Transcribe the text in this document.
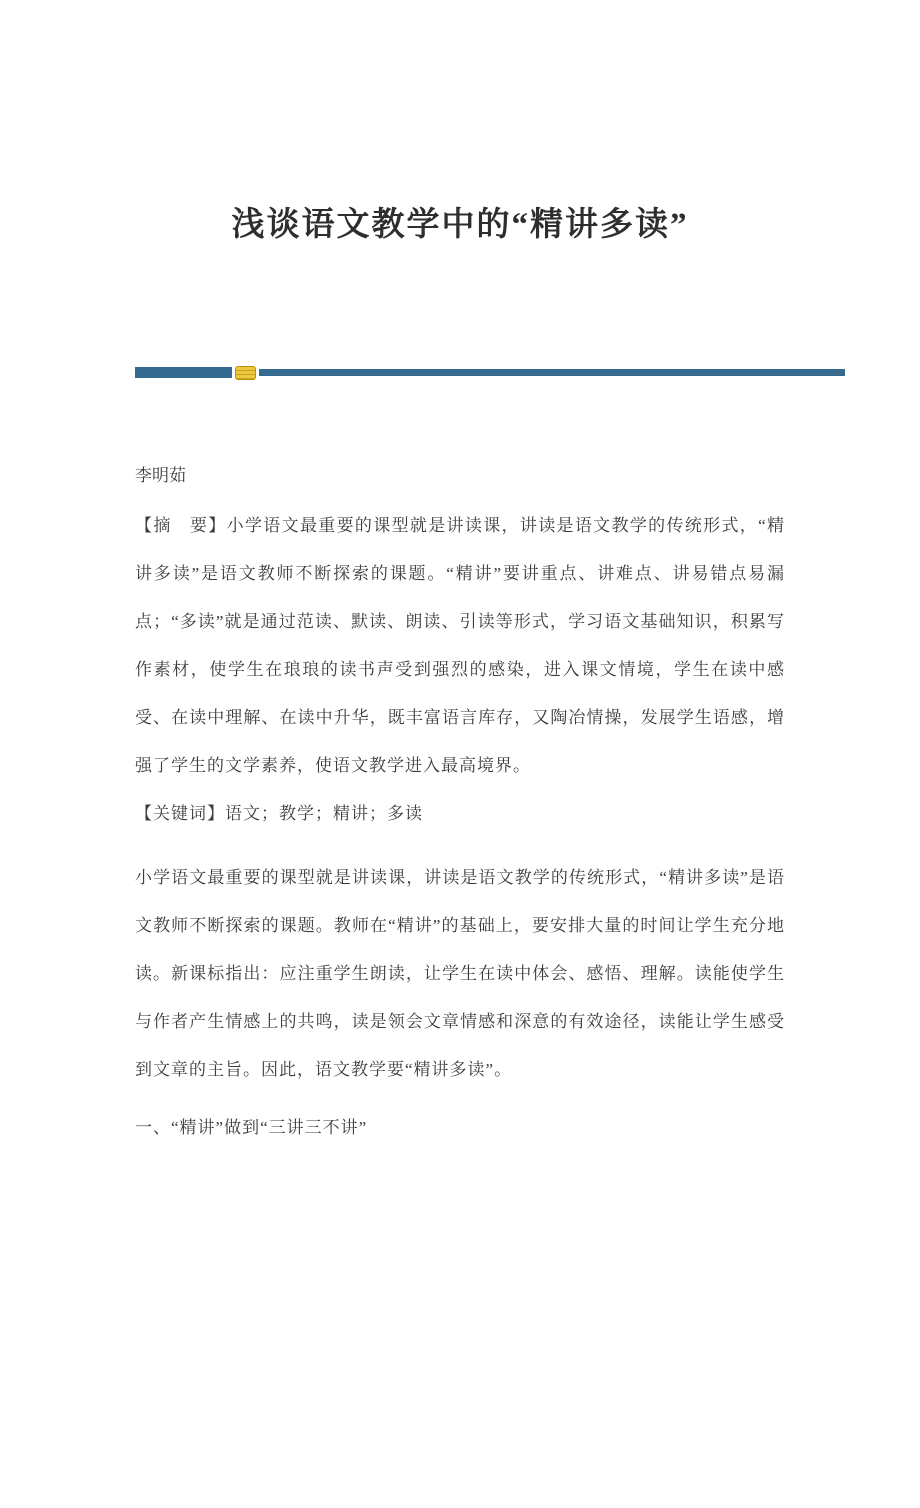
浅谈语文教学中的“精讲多读”
李明茹

【摘　要】小学语文最重要的课型就是讲读课，讲读是语文教学的传统形式，“精讲多读”是语文教师不断探索的课题。“精讲”要讲重点、讲难点、讲易错点易漏点；“多读”就是通过范读、默读、朗读、引读等形式，学习语文基础知识，积累写作素材，使学生在琅琅的读书声受到强烈的感染，进入课文情境，学生在读中感受、在读中理解、在读中升华，既丰富语言库存，又陶冶情操，发展学生语感，增强了学生的文学素养，使语文教学进入最高境界。

【关键词】语文；教学；精讲；多读

小学语文最重要的课型就是讲读课，讲读是语文教学的传统形式，“精讲多读”是语文教师不断探索的课题。教师在“精讲”的基础上，要安排大量的时间让学生充分地读。新课标指出：应注重学生朗读，让学生在读中体会、感悟、理解。读能使学生与作者产生情感上的共鸣，读是领会文章情感和深意的有效途径，读能让学生感受到文章的主旨。因此，语文教学要“精讲多读”。

一、“精讲”做到“三讲三不讲”
